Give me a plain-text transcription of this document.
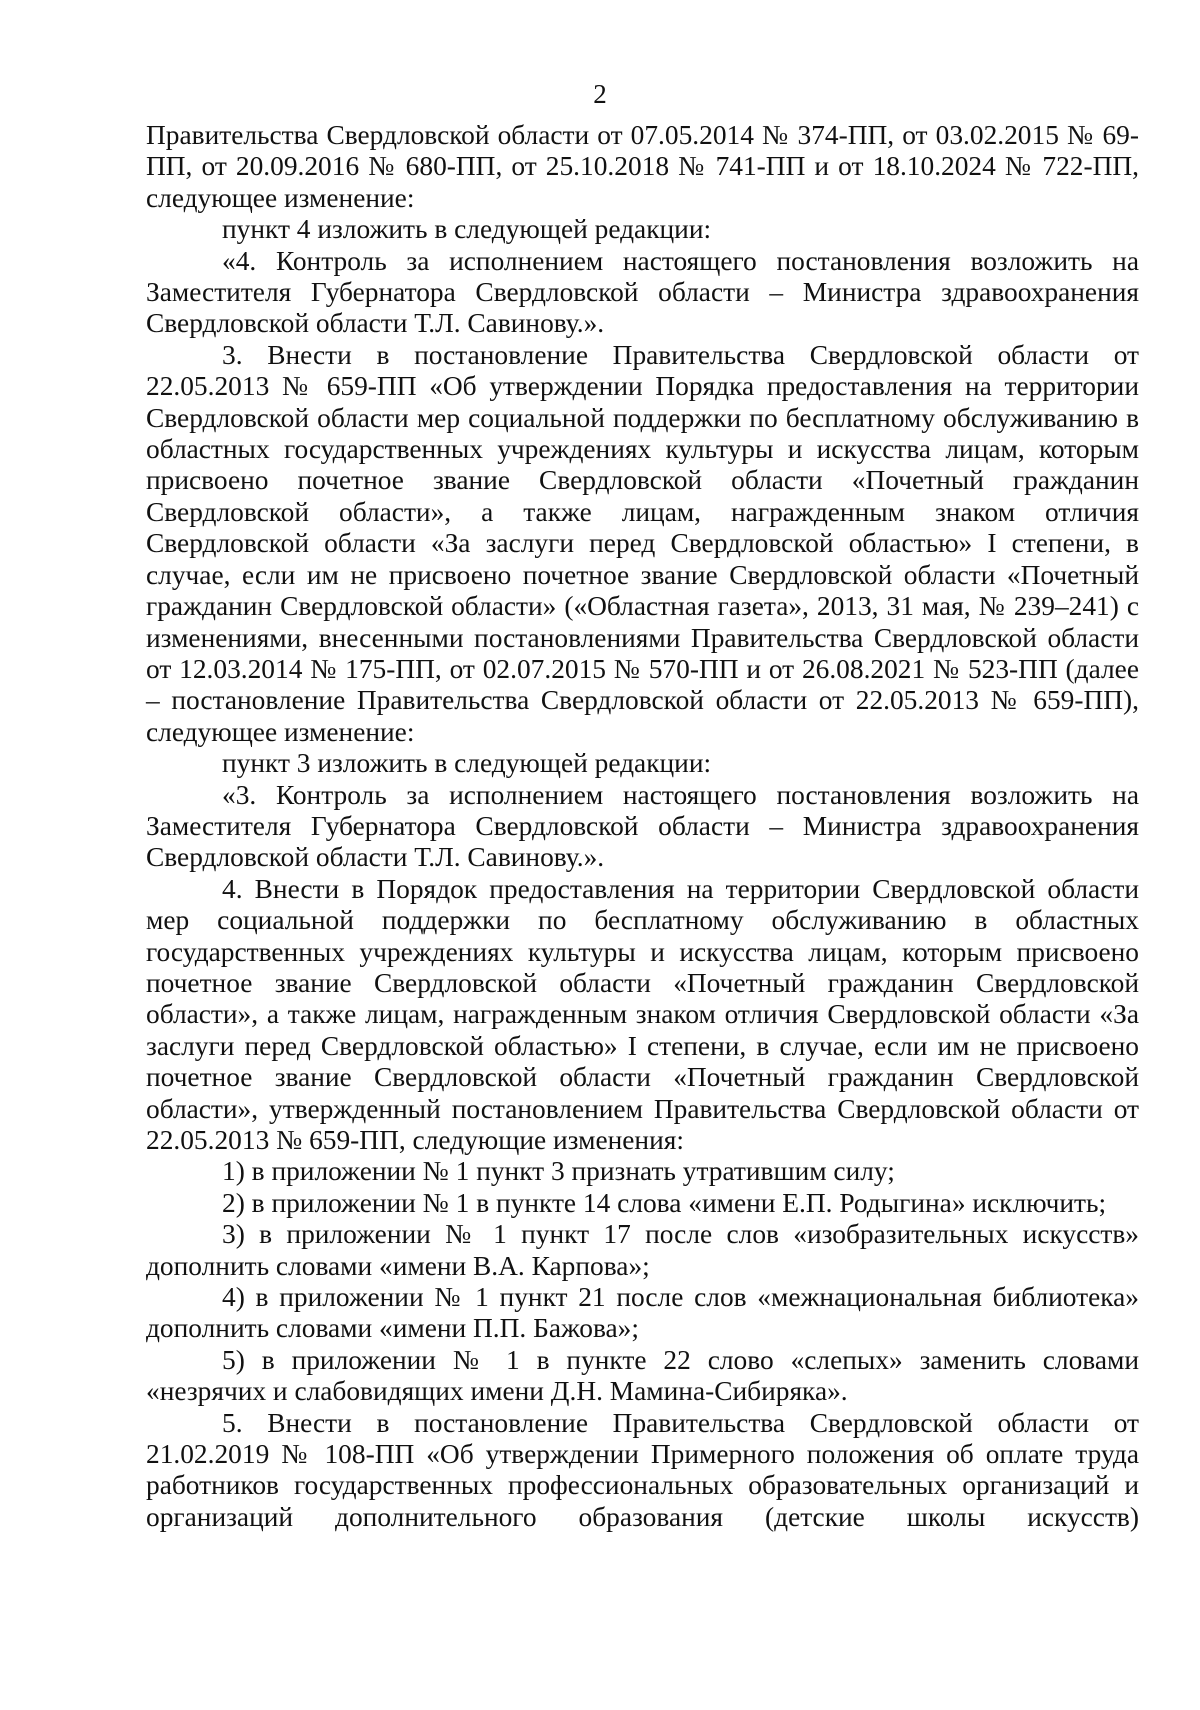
2

Правительства Свердловской области от 07.05.2014 № 374-ПП, от 03.02.2015 № 69-ПП, от 20.09.2016 № 680-ПП, от 25.10.2018 № 741-ПП и от 18.10.2024 № 722-ПП, следующее изменение:

пункт 4 изложить в следующей редакции:

«4. Контроль за исполнением настоящего постановления возложить на Заместителя Губернатора Свердловской области – Министра здравоохранения Свердловской области Т.Л. Савинову.».

3. Внести в постановление Правительства Свердловской области от 22.05.2013 № 659-ПП «Об утверждении Порядка предоставления на территории Свердловской области мер социальной поддержки по бесплатному обслуживанию в областных государственных учреждениях культуры и искусства лицам, которым присвоено почетное звание Свердловской области «Почетный гражданин Свердловской области», а также лицам, награжденным знаком отличия Свердловской области «За заслуги перед Свердловской областью» I степени, в случае, если им не присвоено почетное звание Свердловской области «Почетный гражданин Свердловской области» («Областная газета», 2013, 31 мая, № 239–241) с изменениями, внесенными постановлениями Правительства Свердловской области от 12.03.2014 № 175-ПП, от 02.07.2015 № 570-ПП и от 26.08.2021 № 523-ПП (далее – постановление Правительства Свердловской области от 22.05.2013 № 659-ПП), следующее изменение:

пункт 3 изложить в следующей редакции:

«3. Контроль за исполнением настоящего постановления возложить на Заместителя Губернатора Свердловской области – Министра здравоохранения Свердловской области Т.Л. Савинову.».

4. Внести в Порядок предоставления на территории Свердловской области мер социальной поддержки по бесплатному обслуживанию в областных государственных учреждениях культуры и искусства лицам, которым присвоено почетное звание Свердловской области «Почетный гражданин Свердловской области», а также лицам, награжденным знаком отличия Свердловской области «За заслуги перед Свердловской областью» I степени, в случае, если им не присвоено почетное звание Свердловской области «Почетный гражданин Свердловской области», утвержденный постановлением Правительства Свердловской области от 22.05.2013 № 659-ПП, следующие изменения:

1) в приложении № 1 пункт 3 признать утратившим силу;

2) в приложении № 1 в пункте 14 слова «имени Е.П. Родыгина» исключить;

3) в приложении № 1 пункт 17 после слов «изобразительных искусств» дополнить словами «имени В.А. Карпова»;

4) в приложении № 1 пункт 21 после слов «межнациональная библиотека» дополнить словами «имени П.П. Бажова»;

5) в приложении № 1 в пункте 22 слово «слепых» заменить словами «незрячих и слабовидящих имени Д.Н. Мамина-Сибиряка».

5. Внести в постановление Правительства Свердловской области от 21.02.2019 № 108-ПП «Об утверждении Примерного положения об оплате труда работников государственных профессиональных образовательных организаций и организаций дополнительного образования (детские школы искусств)
